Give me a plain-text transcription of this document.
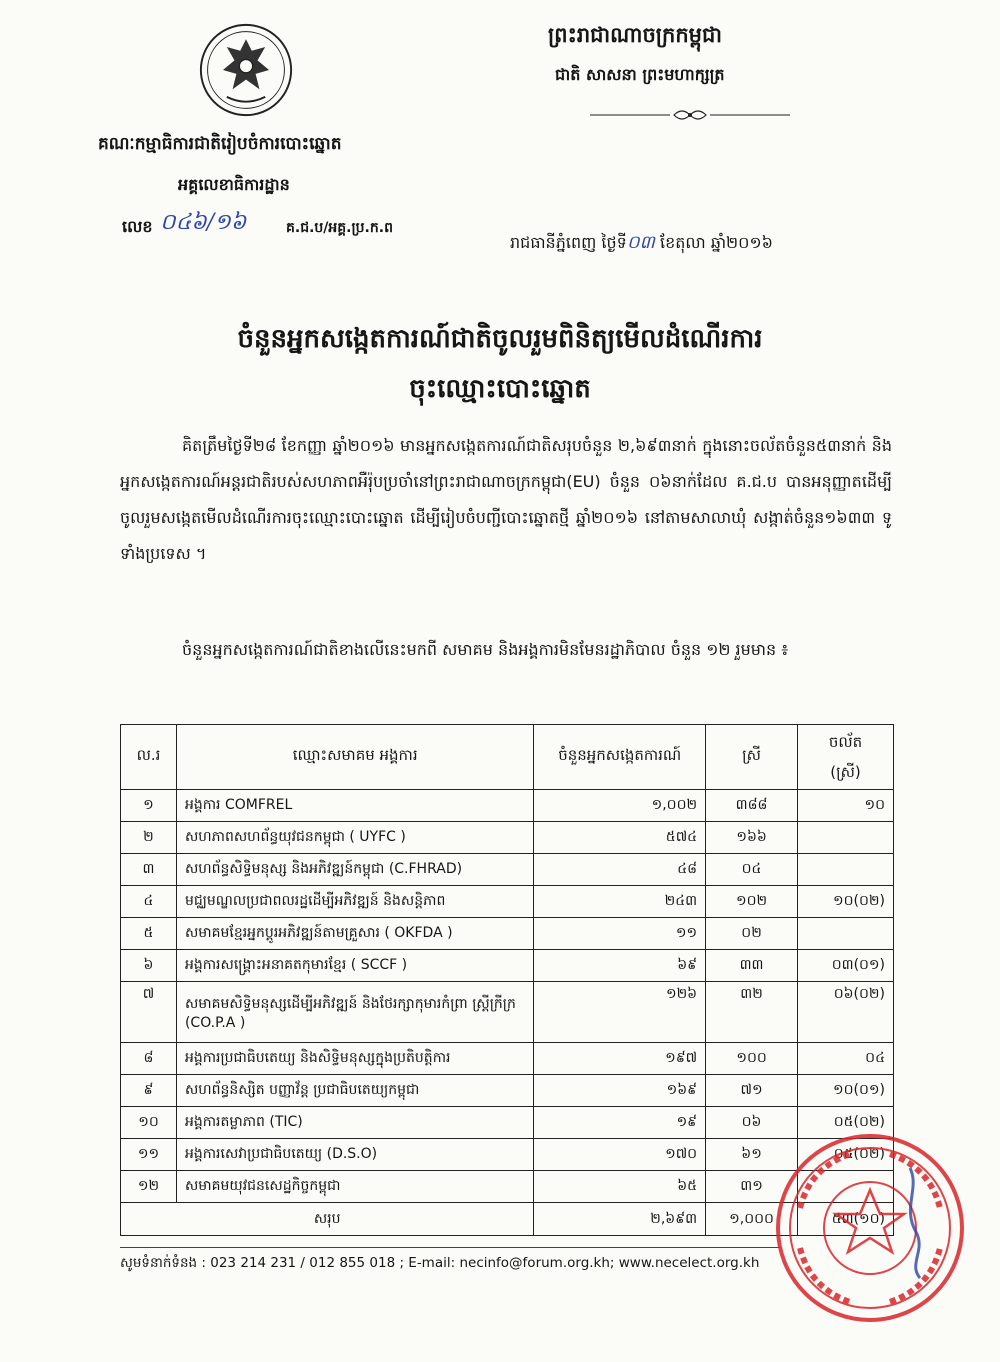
គណៈកម្មាធិការជាតិរៀបចំការបោះឆ្នោត
អគ្គលេខាធិការដ្ឋាន
លេខ ០៤៦/១៦	គ.ជ.ប/អគ្គ.ប្រ.ក.ព
ព្រះរាជាណាចក្រកម្ពុជា
ជាតិ សាសនា ព្រះមហាក្សត្រ
រាជធានីភ្នំពេញ ថ្ងៃទី០៣ ខែតុលា ឆ្នាំ២០១៦
ចំនួនអ្នកសង្កេតការណ៍ជាតិចូលរួមពិនិត្យមើលដំណើរការ
ចុះឈ្មោះបោះឆ្នោត
គិតត្រឹមថ្ងៃទី២៨ ខែកញ្ញា ឆ្នាំ២០១៦ មានអ្នកសង្កេតការណ៍ជាតិសរុបចំនួន ២,៦៩៣នាក់ ក្នុងនោះចល័តចំនួន៥៣នាក់ និងអ្នកសង្កេតការណ៍អន្តរជាតិរបស់សហភាពអឺរ៉ុបប្រចាំនៅព្រះរាជាណាចក្រកម្ពុជា(EU) ចំនួន ០៦នាក់ដែល គ.ជ.ប បានអនុញ្ញាតដើម្បីចូលរួមសង្កេតមើលដំណើរការចុះឈ្មោះបោះឆ្នោត ដើម្បីរៀបចំបញ្ជីបោះឆ្នោតថ្មី ឆ្នាំ២០១៦ នៅតាមសាលាឃុំ សង្កាត់ចំនួន១៦៣៣ ទូទាំងប្រទេស ។
ចំនួនអ្នកសង្កេតការណ៍ជាតិខាងលើនេះមកពី សមាគម និងអង្គការមិនមែនរដ្ឋាភិបាល ចំនួន ១២ រួមមាន ៖
ល.រ	ឈ្មោះសមាគម អង្គការ	ចំនួនអ្នកសង្កេតការណ៍	ស្រី	ចល័ត
(ស្រី)
១	អង្គការ COMFREL	១,០០២	៣៨៨	១០
២	សហភាពសហព័ន្ធយុវជនកម្ពុជា ( UYFC )	៥៧៤	១៦៦	
៣	សហព័ន្ធសិទ្ធិមនុស្ស និងអភិវឌ្ឍន៍កម្ពុជា (C.FHRAD)	៤៨	០៤	
៤	មជ្ឈមណ្ឌលប្រជាពលរដ្ឋដើម្បីអភិវឌ្ឍន៍ និងសន្តិភាព	២៤៣	១០២	១០(០២)
៥	សមាគមខ្មែរអ្នកប្តូរអភិវឌ្ឍន៍តាមគ្រួសារ ( OKFDA )	១១	០២	
៦	អង្គការសង្គ្រោះអនាគតកុមារខ្មែរ ( SCCF )	៦៩	៣៣	០៣(០១)
៧	សមាគមសិទ្ធិមនុស្សដើម្បីអភិវឌ្ឍន៍ និងថែរក្សាកុមារកំព្រា ស្ត្រីក្រីក្រ (CO.P.A )	១២៦	៣២	០៦(០២)
៨	អង្គការប្រជាធិបតេយ្យ និងសិទ្ធិមនុស្សក្នុងប្រតិបត្តិការ	១៩៧	១០០	០៤
៩	សហព័ន្ធនិស្សិត បញ្ញាវ័ន្ត ប្រជាធិបតេយ្យកម្ពុជា	១៦៩	៧១	១០(០១)
១០	អង្គការតម្លាភាព (TIC)	១៩	០៦	០៥(០២)
១១	អង្គការសេវាប្រជាធិបតេយ្យ (D.S.O)	១៧០	៦១	០៥(០២)
១២	សមាគមយុវជនសេដ្ឋកិច្ចកម្ពុជា	៦៥	៣១	
សរុប		២,៦៩៣	១,០០០	៥៣(១០)
សូមទំនាក់ទំនង : 023 214 231 / 012 855 018 ; E-mail: necinfo@forum.org.kh; www.necelect.org.kh
